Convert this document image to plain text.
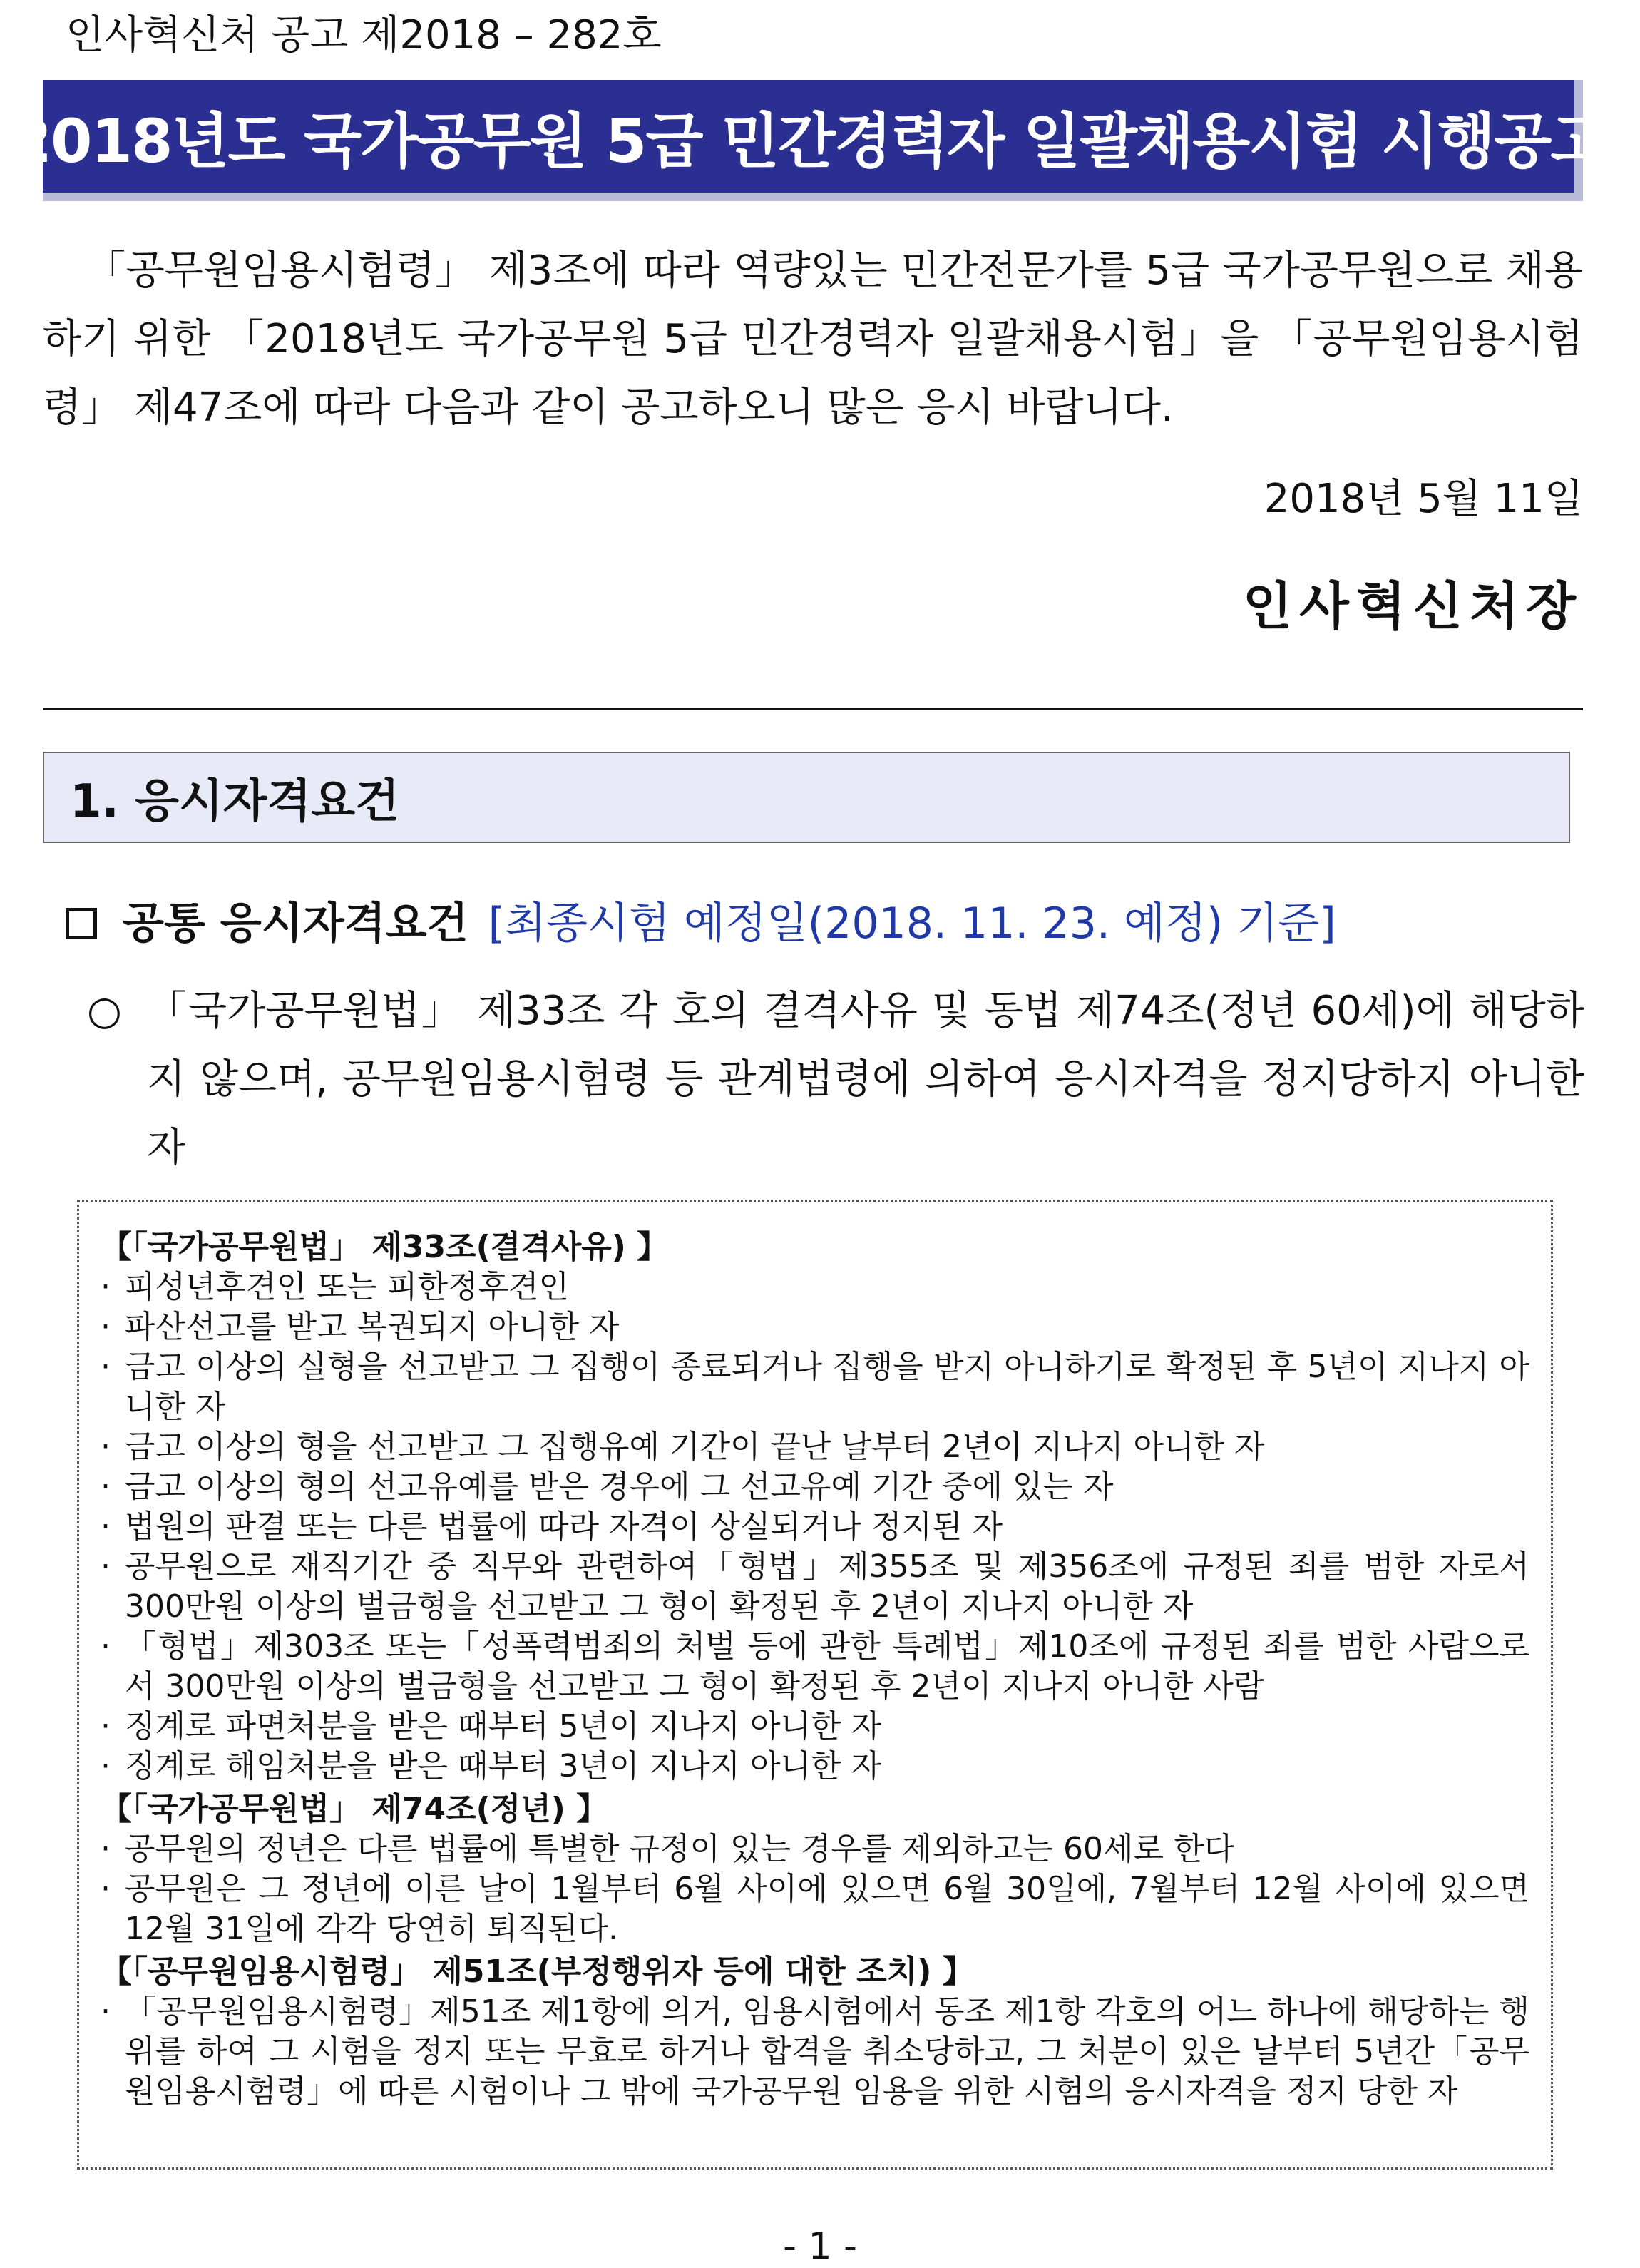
인사혁신처 공고 제2018 – 282호
2018년도 국가공무원 5급 민간경력자 일괄채용시험 시행공고

「공무원임용시험령」 제3조에 따라 역량있는 민간전문가를 5급 국가공무원으로 채용하기 위한 「2018년도 국가공무원 5급 민간경력자 일괄채용시험」을 「공무원임용시험령」 제47조에 따라 다음과 같이 공고하오니 많은 응시 바랍니다.

2018년 5월 11일
인사혁신처장
1. 응시자격요건
공통 응시자격요건 [최종시험 예정일(2018. 11. 23. 예정) 기준]
○ 「국가공무원법」 제33조 각 호의 결격사유 및 동법 제74조(정년 60세)에 해당하지 않으며, 공무원임용시험령 등 관계법령에 의하여 응시자격을 정지당하지 아니한 자
【「국가공무원법」 제33조(결격사유) 】
· 피성년후견인 또는 피한정후견인
· 파산선고를 받고 복권되지 아니한 자
· 금고 이상의 실형을 선고받고 그 집행이 종료되거나 집행을 받지 아니하기로 확정된 후 5년이 지나지 아니한 자
· 금고 이상의 형을 선고받고 그 집행유예 기간이 끝난 날부터 2년이 지나지 아니한 자
· 금고 이상의 형의 선고유예를 받은 경우에 그 선고유예 기간 중에 있는 자
· 법원의 판결 또는 다른 법률에 따라 자격이 상실되거나 정지된 자
· 공무원으로 재직기간 중 직무와 관련하여「형법」제355조 및 제356조에 규정된 죄를 범한 자로서 300만원 이상의 벌금형을 선고받고 그 형이 확정된 후 2년이 지나지 아니한 자
· 「형법」제303조 또는「성폭력범죄의 처벌 등에 관한 특례법」제10조에 규정된 죄를 범한 사람으로서 300만원 이상의 벌금형을 선고받고 그 형이 확정된 후 2년이 지나지 아니한 사람
· 징계로 파면처분을 받은 때부터 5년이 지나지 아니한 자
· 징계로 해임처분을 받은 때부터 3년이 지나지 아니한 자
【「국가공무원법」 제74조(정년) 】
· 공무원의 정년은 다른 법률에 특별한 규정이 있는 경우를 제외하고는 60세로 한다
· 공무원은 그 정년에 이른 날이 1월부터 6월 사이에 있으면 6월 30일에, 7월부터 12월 사이에 있으면 12월 31일에 각각 당연히 퇴직된다.
【「공무원임용시험령」 제51조(부정행위자 등에 대한 조치) 】
· 「공무원임용시험령」제51조 제1항에 의거, 임용시험에서 동조 제1항 각호의 어느 하나에 해당하는 행위를 하여 그 시험을 정지 또는 무효로 하거나 합격을 취소당하고, 그 처분이 있은 날부터 5년간「공무원임용시험령」에 따른 시험이나 그 밖에 국가공무원 임용을 위한 시험의 응시자격을 정지 당한 자
- 1 -
